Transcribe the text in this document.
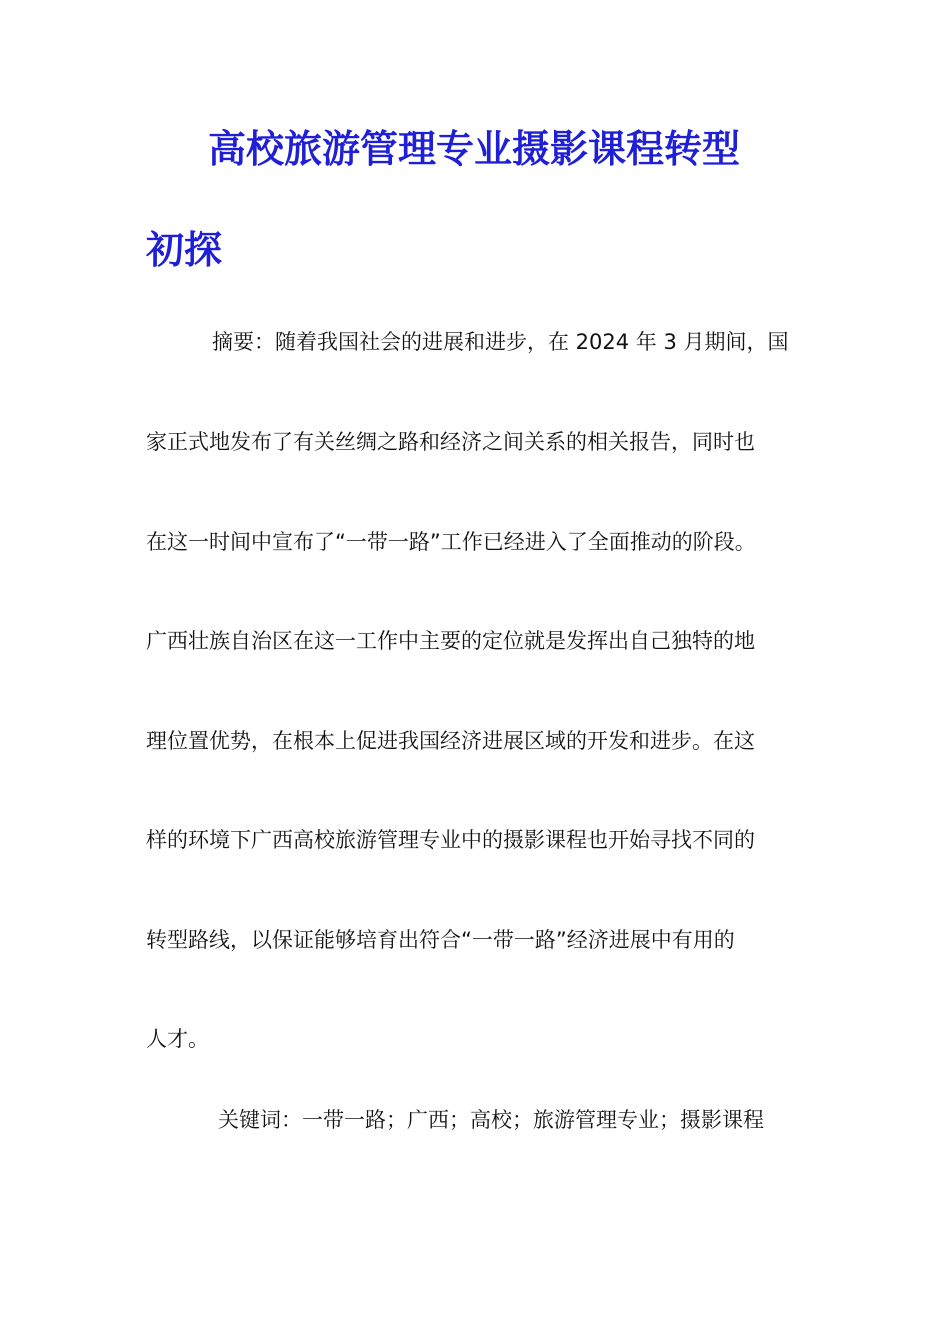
高校旅游管理专业摄影课程转型
初探
摘要：随着我国社会的进展和进步，在 2024 年 3 月期间，国
家正式地发布了有关丝绸之路和经济之间关系的相关报告，同时也
在这一时间中宣布了“一带一路”工作已经进入了全面推动的阶段。
广西壮族自治区在这一工作中主要的定位就是发挥出自己独特的地
理位置优势，在根本上促进我国经济进展区域的开发和进步。在这
样的环境下广西高校旅游管理专业中的摄影课程也开始寻找不同的
转型路线，以保证能够培育出符合“一带一路”经济进展中有用的
人才。
关键词：一带一路；广西；高校；旅游管理专业；摄影课程
